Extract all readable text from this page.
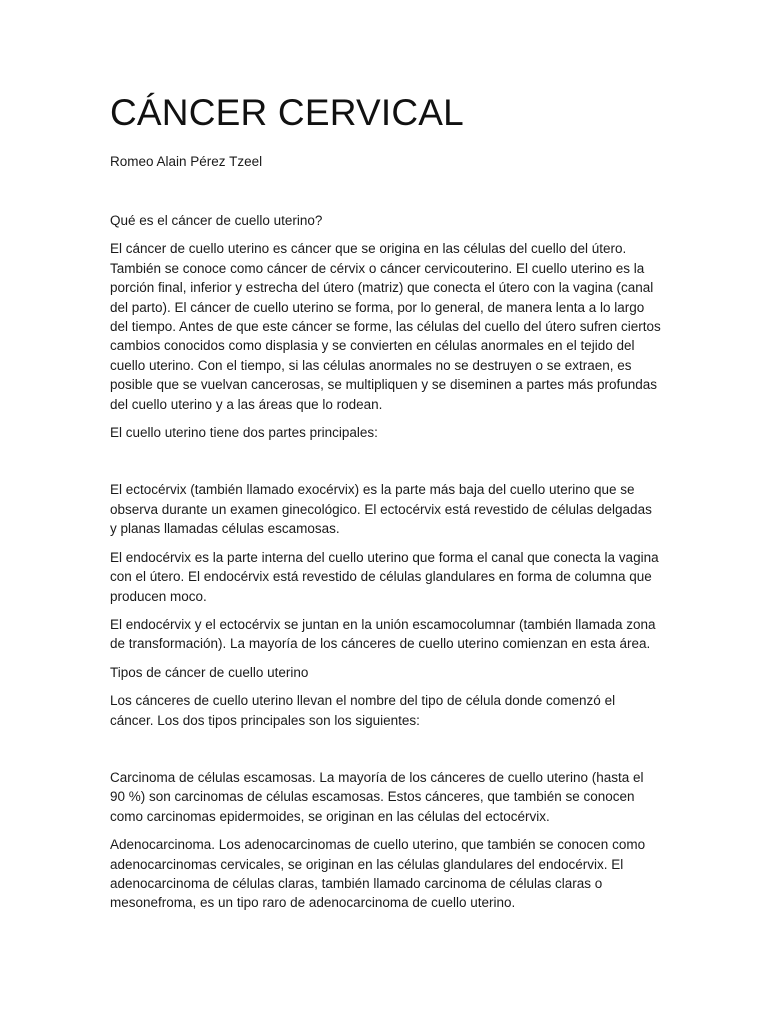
CÁNCER CERVICAL

Romeo Alain Pérez Tzeel

Qué es el cáncer de cuello uterino?

El cáncer de cuello uterino es cáncer que se origina en las células del cuello del útero. También se conoce como cáncer de cérvix o cáncer cervicouterino. El cuello uterino es la porción final, inferior y estrecha del útero (matriz) que conecta el útero con la vagina (canal del parto). El cáncer de cuello uterino se forma, por lo general, de manera lenta a lo largo del tiempo. Antes de que este cáncer se forme, las células del cuello del útero sufren ciertos cambios conocidos como displasia y se convierten en células anormales en el tejido del cuello uterino. Con el tiempo, si las células anormales no se destruyen o se extraen, es posible que se vuelvan cancerosas, se multipliquen y se diseminen a partes más profundas del cuello uterino y a las áreas que lo rodean.

El cuello uterino tiene dos partes principales:

El ectocérvix (también llamado exocérvix) es la parte más baja del cuello uterino que se observa durante un examen ginecológico. El ectocérvix está revestido de células delgadas y planas llamadas células escamosas.

El endocérvix es la parte interna del cuello uterino que forma el canal que conecta la vagina con el útero. El endocérvix está revestido de células glandulares en forma de columna que producen moco.

El endocérvix y el ectocérvix se juntan en la unión escamocolumnar (también llamada zona de transformación). La mayoría de los cánceres de cuello uterino comienzan en esta área.

Tipos de cáncer de cuello uterino

Los cánceres de cuello uterino llevan el nombre del tipo de célula donde comenzó el cáncer. Los dos tipos principales son los siguientes:

Carcinoma de células escamosas. La mayoría de los cánceres de cuello uterino (hasta el 90 %) son carcinomas de células escamosas. Estos cánceres, que también se conocen como carcinomas epidermoides, se originan en las células del ectocérvix.

Adenocarcinoma. Los adenocarcinomas de cuello uterino, que también se conocen como adenocarcinomas cervicales, se originan en las células glandulares del endocérvix. El adenocarcinoma de células claras, también llamado carcinoma de células claras o mesonefroma, es un tipo raro de adenocarcinoma de cuello uterino.
